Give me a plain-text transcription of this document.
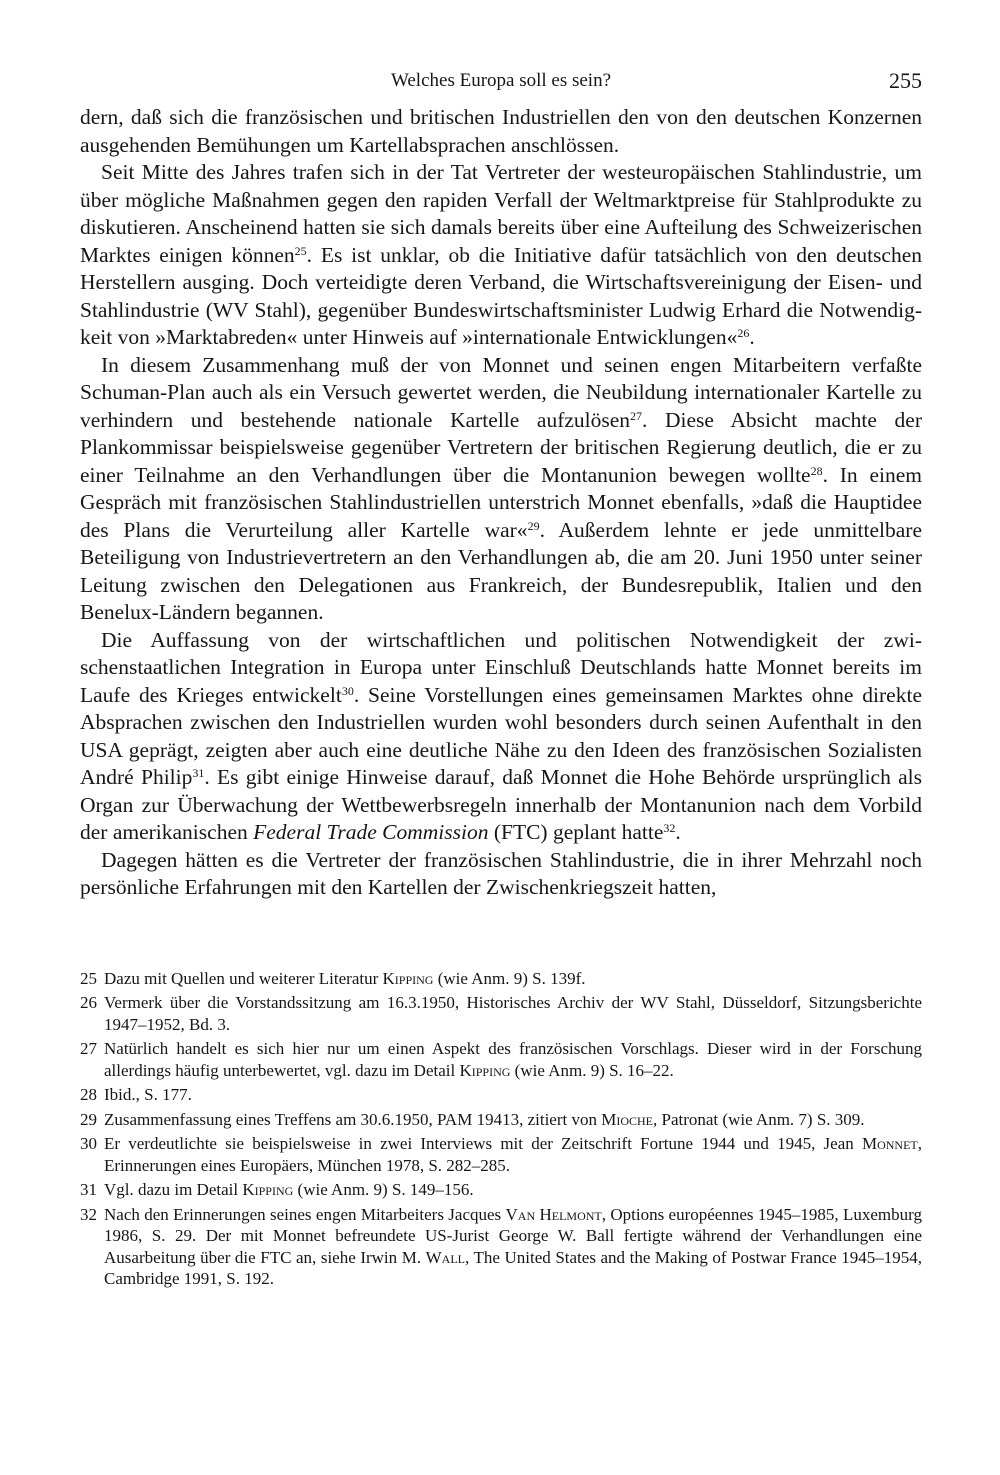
Welches Europa soll es sein?	255

dern, daß sich die französischen und britischen Industriellen den von den deutschen Konzernen ausgehenden Bemühungen um Kartellabsprachen anschlössen.

Seit Mitte des Jahres trafen sich in der Tat Vertreter der westeuropäischen Stahlindustrie, um über mögliche Maßnahmen gegen den rapiden Verfall der Weltmarktpreise für Stahlprodukte zu diskutieren. Anscheinend hatten sie sich damals bereits über eine Aufteilung des Schweizerischen Marktes einigen können$^{25}$. Es ist unklar, ob die Initiative dafür tatsächlich von den deutschen Herstellern ausging. Doch verteidigte deren Verband, die Wirtschaftsvereinigung der Eisen- und Stahlindustrie (WV Stahl), gegenüber Bundeswirtschaftsminister Ludwig Erhard die Notwendigkeit von »Marktabreden« unter Hinweis auf »internationale Entwicklungen«$^{26}$.

In diesem Zusammenhang muß der von Monnet und seinen engen Mitarbeitern verfaßte Schuman-Plan auch als ein Versuch gewertet werden, die Neubildung internationaler Kartelle zu verhindern und bestehende nationale Kartelle aufzulösen$^{27}$. Diese Absicht machte der Plankommissar beispielsweise gegenüber Vertretern der britischen Regierung deutlich, die er zu einer Teilnahme an den Verhandlungen über die Montanunion bewegen wollte$^{28}$. In einem Gespräch mit französischen Stahlindustriellen unterstrich Monnet ebenfalls, »daß die Hauptidee des Plans die Verurteilung aller Kartelle war«$^{29}$. Außerdem lehnte er jede unmittelbare Beteiligung von Industrievertretern an den Verhandlungen ab, die am 20. Juni 1950 unter seiner Leitung zwischen den Delegationen aus Frankreich, der Bundesrepublik, Italien und den Benelux-Ländern begannen.

Die Auffassung von der wirtschaftlichen und politischen Notwendigkeit der zwischenstaatlichen Integration in Europa unter Einschluß Deutschlands hatte Monnet bereits im Laufe des Krieges entwickelt$^{30}$. Seine Vorstellungen eines gemeinsamen Marktes ohne direkte Absprachen zwischen den Industriellen wurden wohl besonders durch seinen Aufenthalt in den USA geprägt, zeigten aber auch eine deutliche Nähe zu den Ideen des französischen Sozialisten André Philip$^{31}$. Es gibt einige Hinweise darauf, daß Monnet die Hohe Behörde ursprünglich als Organ zur Überwachung der Wettbewerbsregeln innerhalb der Montanunion nach dem Vorbild der amerikanischen Federal Trade Commission (FTC) geplant hatte$^{32}$.

Dagegen hätten es die Vertreter der französischen Stahlindustrie, die in ihrer Mehrzahl noch persönliche Erfahrungen mit den Kartellen der Zwischenkriegszeit hatten,

25 Dazu mit Quellen und weiterer Literatur Kipping (wie Anm. 9) S. 139f.
26 Vermerk über die Vorstandssitzung am 16.3.1950, Historisches Archiv der WV Stahl, Düsseldorf, Sitzungsberichte 1947–1952, Bd. 3.
27 Natürlich handelt es sich hier nur um einen Aspekt des französischen Vorschlags. Dieser wird in der Forschung allerdings häufig unterbewertet, vgl. dazu im Detail Kipping (wie Anm. 9) S. 16–22.
28 Ibid., S. 177.
29 Zusammenfassung eines Treffens am 30.6.1950, PAM 19413, zitiert von Mioche, Patronat (wie Anm. 7) S. 309.
30 Er verdeutlichte sie beispielsweise in zwei Interviews mit der Zeitschrift Fortune 1944 und 1945, Jean Monnet, Erinnerungen eines Europäers, München 1978, S. 282–285.
31 Vgl. dazu im Detail Kipping (wie Anm. 9) S. 149–156.
32 Nach den Erinnerungen seines engen Mitarbeiters Jacques Van Helmont, Options européennes 1945–1985, Luxemburg 1986, S. 29. Der mit Monnet befreundete US-Jurist George W. Ball fertigte während der Verhandlungen eine Ausarbeitung über die FTC an, siehe Irwin M. Wall, The United States and the Making of Postwar France 1945–1954, Cambridge 1991, S. 192.
